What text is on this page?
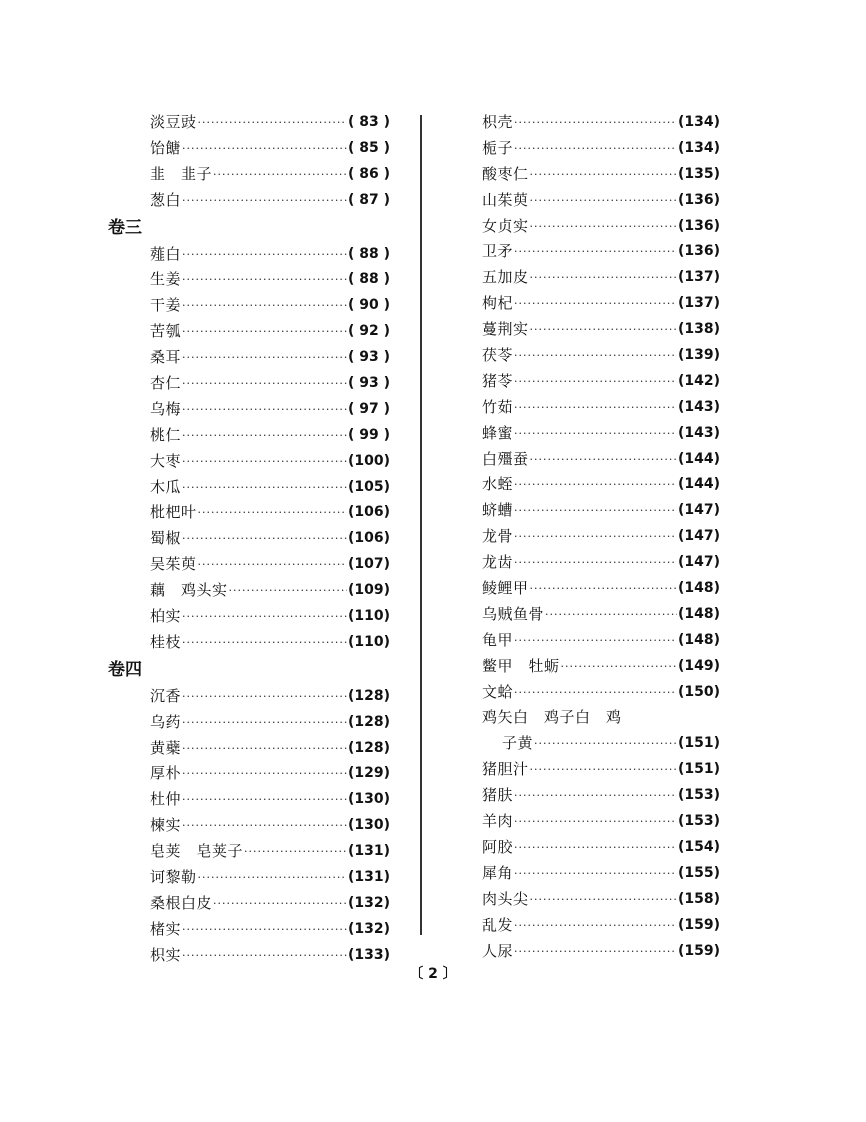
淡豆豉 ·····	( 83 )
饴餹 ·····	( 85 )
韭　韭子 ·····	( 86 )
葱白 ·····	( 87 )
卷三
薤白 ·····	( 88 )
生姜 ·····	( 88 )
干姜 ·····	( 90 )
苦瓠 ·····	( 92 )
桑耳 ·····	( 93 )
杏仁 ·····	( 93 )
乌梅 ·····	( 97 )
桃仁 ·····	( 99 )
大枣 ·····	(100)
木瓜 ·····	(105)
枇杷叶 ·····	(106)
蜀椒 ·····	(106)
吴茱萸 ·····	(107)
藕　鸡头实 ·····	(109)
柏实 ·····	(110)
桂枝 ·····	(110)
卷四
沉香 ·····	(128)
乌药 ·····	(128)
黄蘗 ·····	(128)
厚朴 ·····	(129)
杜仲 ·····	(130)
楝实 ·····	(130)
皂荚　皂荚子 ·····	(131)
诃黎勒 ·····	(131)
桑根白皮 ·····	(132)
楮实 ·····	(132)
枳实 ·····	(133)
枳壳 ·····	(134)
栀子 ·····	(134)
酸枣仁 ·····	(135)
山茱萸 ·····	(136)
女贞实 ·····	(136)
卫矛 ·····	(136)
五加皮 ·····	(137)
枸杞 ·····	(137)
蔓荆实 ·····	(138)
茯苓 ·····	(139)
猪苓 ·····	(142)
竹茹 ·····	(143)
蜂蜜 ·····	(143)
白殭蚕 ·····	(144)
水蛭 ·····	(144)
蛴螬 ·····	(147)
龙骨 ·····	(147)
龙齿 ·····	(147)
鲮鲤甲 ·····	(148)
乌贼鱼骨 ·····	(148)
龟甲 ·····	(148)
鳖甲　牡蛎 ·····	(149)
文蛤 ·····	(150)
鸡矢白　鸡子白　鸡
子黄 ·····	(151)
猪胆汁 ·····	(151)
猪肤 ·····	(153)
羊肉 ·····	(153)
阿胶 ·····	(154)
犀角 ·····	(155)
肉头尖 ·····	(158)
乱发 ·····	(159)
人尿 ·····	(159)
〔 2 〕
